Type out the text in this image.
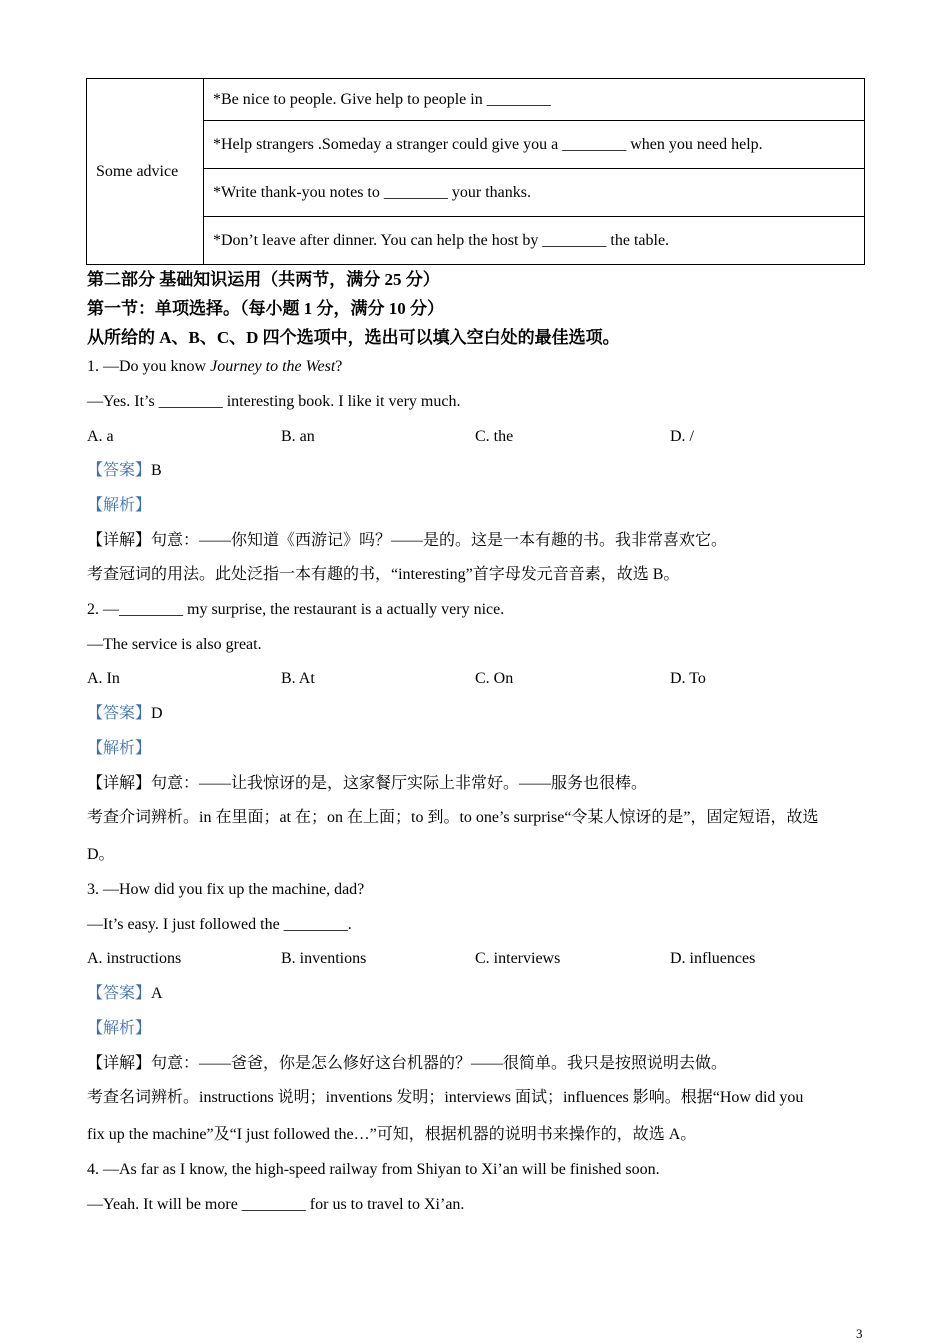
Some advice	*Be nice to people. Give help to people in ________
*Help strangers .Someday a stranger could give you a ________ when you need help.
*Write thank-you notes to ________ your thanks.
*Don’t leave after dinner. You can help the host by ________ the table.
第二部分 基础知识运用（共两节，满分 25 分）
第一节：单项选择。（每小题 1 分，满分 10 分）
从所给的 A、B、C、D 四个选项中，选出可以填入空白处的最佳选项。
1. —Do you know Journey to the West?
—Yes. It’s ________ interesting book. I like it very much.
A. a	B. an	C. the	D. /
【答案】B
【解析】
【详解】句意：——你知道《西游记》吗？——是的。这是一本有趣的书。我非常喜欢它。
考查冠词的用法。此处泛指一本有趣的书，“interesting”首字母发元音音素，故选 B。
2. —________ my surprise, the restaurant is a actually very nice.
—The service is also great.
A. In	B. At	C. On	D. To
【答案】D
【解析】
【详解】句意：——让我惊讶的是，这家餐厅实际上非常好。——服务也很棒。
考查介词辨析。in 在里面；at 在；on 在上面；to 到。to one’s surprise“令某人惊讶的是”，固定短语，故选
D。
3. —How did you fix up the machine, dad?
—It’s easy. I just followed the ________.
A. instructions	B. inventions	C. interviews	D. influences
【答案】A
【解析】
【详解】句意：——爸爸，你是怎么修好这台机器的？——很简单。我只是按照说明去做。
考查名词辨析。instructions 说明；inventions 发明；interviews 面试；influences 影响。根据“How did you
fix up the machine”及“I just followed the…”可知，根据机器的说明书来操作的，故选 A。
4. —As far as I know, the high-speed railway from Shiyan to Xi’an will be finished soon.
—Yeah. It will be more ________ for us to travel to Xi’an.
3
